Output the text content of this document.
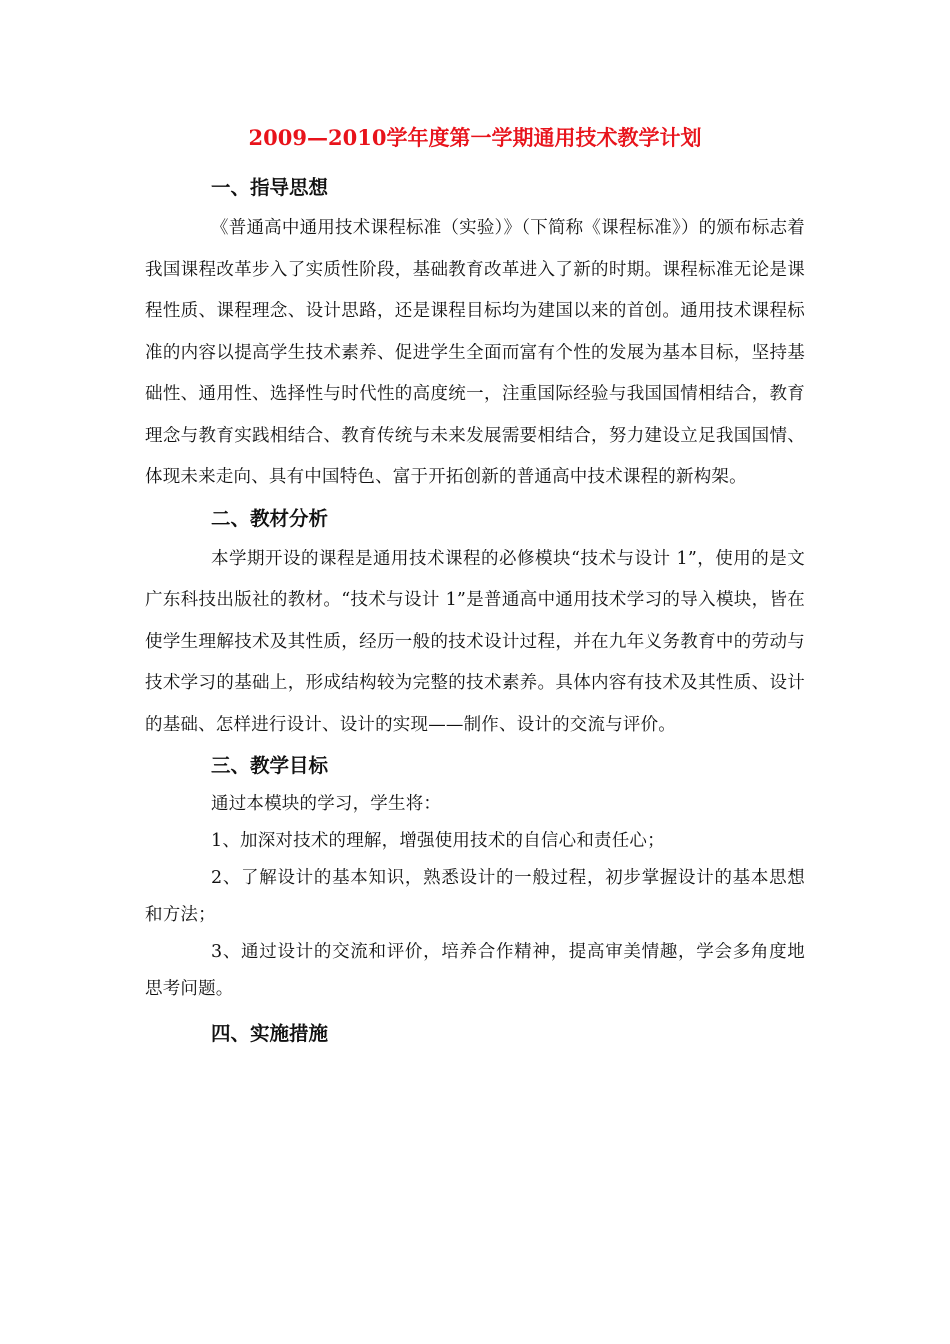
2009—2010学年度第一学期通用技术教学计划
一、指导思想

《普通高中通用技术课程标准（实验）》（下简称《课程标准》）的颁布标志着我国课程改革步入了实质性阶段，基础教育改革进入了新的时期。课程标准无论是课程性质、课程理念、设计思路，还是课程目标均为建国以来的首创。通用技术课程标准的内容以提高学生技术素养、促进学生全面而富有个性的发展为基本目标，坚持基础性、通用性、选择性与时代性的高度统一，注重国际经验与我国国情相结合，教育理念与教育实践相结合、教育传统与未来发展需要相结合，努力建设立足我国国情、体现未来走向、具有中国特色、富于开拓创新的普通高中技术课程的新构架。

二、教材分析

本学期开设的课程是通用技术课程的必修模块“技术与设计 1”，使用的是文广东科技出版社的教材。“技术与设计 1”是普通高中通用技术学习的导入模块，皆在使学生理解技术及其性质，经历一般的技术设计过程，并在九年义务教育中的劳动与技术学习的基础上，形成结构较为完整的技术素养。具体内容有技术及其性质、设计的基础、怎样进行设计、设计的实现——制作、设计的交流与评价。

三、教学目标

通过本模块的学习，学生将：

1、加深对技术的理解，增强使用技术的自信心和责任心；

2、了解设计的基本知识，熟悉设计的一般过程，初步掌握设计的基本思想和方法；

3、通过设计的交流和评价，培养合作精神，提高审美情趣，学会多角度地思考问题。

四、实施措施
